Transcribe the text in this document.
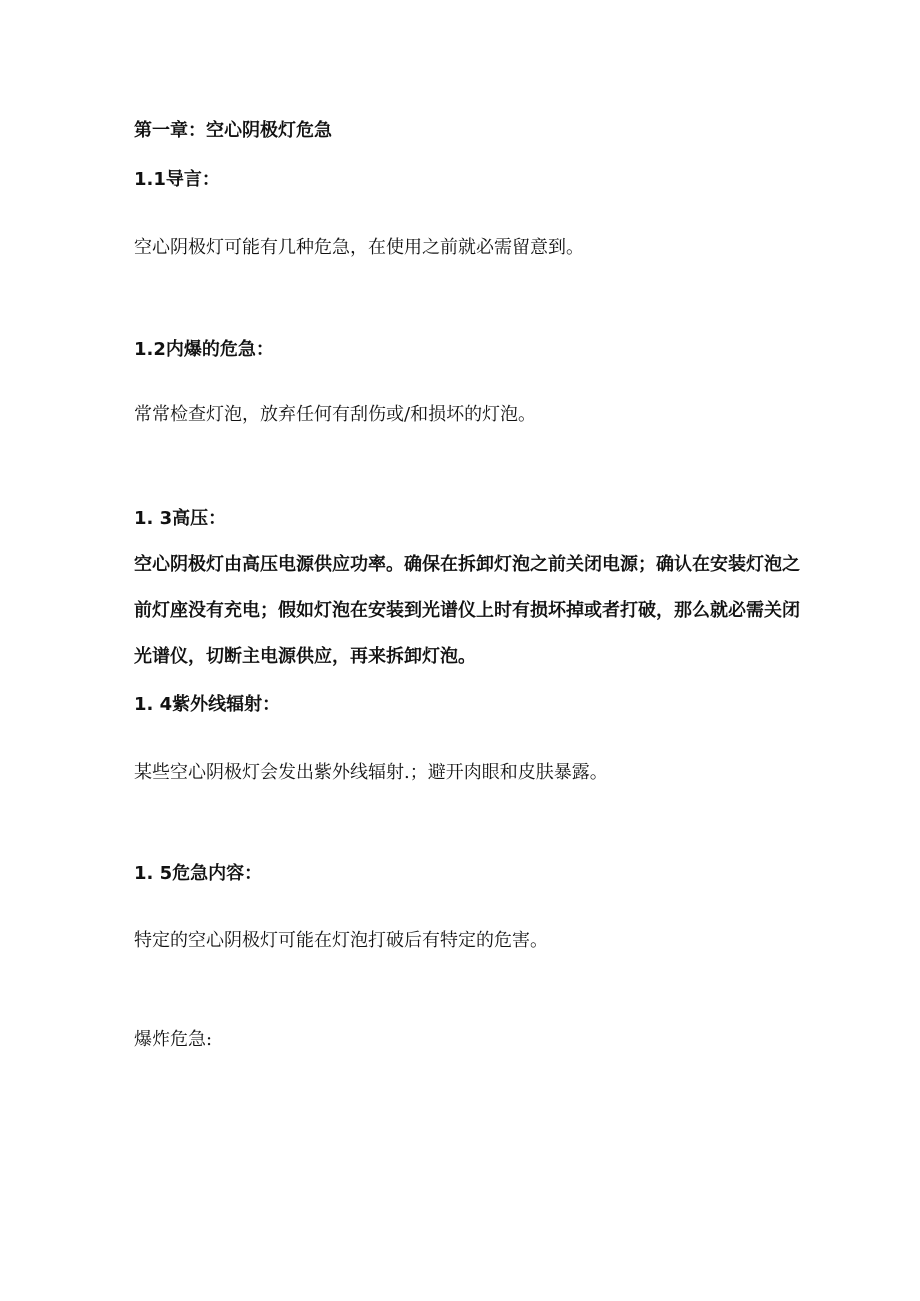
第一章：空心阴极灯危急
1.1导言：
空心阴极灯可能有几种危急，在使用之前就必需留意到。
1.2内爆的危急：
常常检查灯泡，放弃任何有刮伤或/和损坏的灯泡。
1. 3高压：
空心阴极灯由高压电源供应功率。确保在拆卸灯泡之前关闭电源；确认在安装灯泡之
前灯座没有充电；假如灯泡在安装到光谱仪上时有损坏掉或者打破，那么就必需关闭
光谱仪，切断主电源供应，再来拆卸灯泡。
1. 4紫外线辐射：
某些空心阴极灯会发出紫外线辐射.；避开肉眼和皮肤暴露。
1. 5危急内容：
特定的空心阴极灯可能在灯泡打破后有特定的危害。
爆炸危急:
